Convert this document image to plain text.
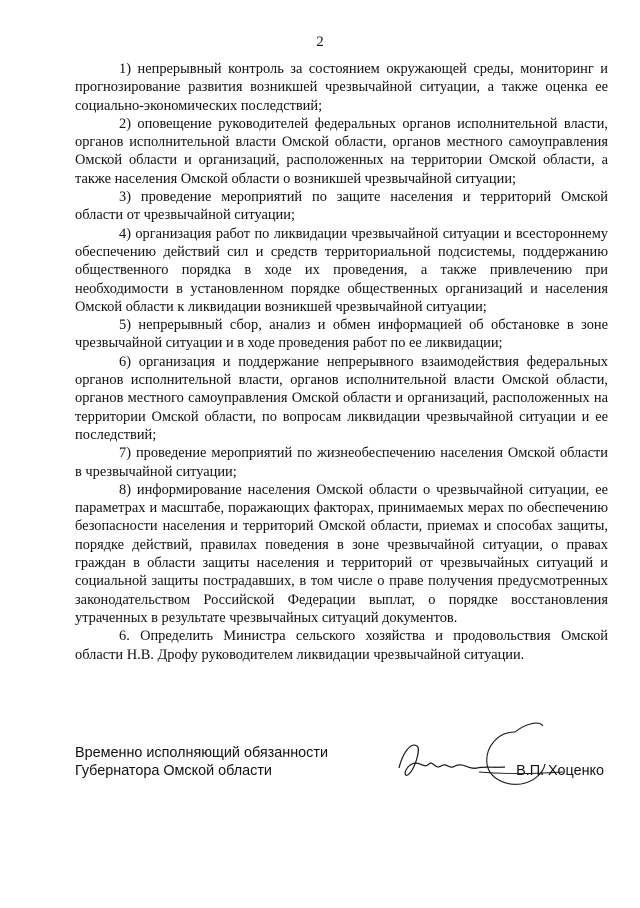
2

1) непрерывный контроль за состоянием окружающей среды, мониторинг и прогнозирование развития возникшей чрезвычайной ситуации, а также оценка ее социально-экономических последствий;

2) оповещение руководителей федеральных органов исполнительной власти, органов исполнительной власти Омской области, органов местного самоуправления Омской области и организаций, расположенных на территории Омской области, а также населения Омской области о возникшей чрезвычайной ситуации;

3) проведение мероприятий по защите населения и территорий Омской области от чрезвычайной ситуации;

4) организация работ по ликвидации чрезвычайной ситуации и всестороннему обеспечению действий сил и средств территориальной подсистемы, поддержанию общественного порядка в ходе их проведения, а также привлечению при необходимости в установленном порядке общественных организаций и населения Омской области к ликвидации возникшей чрезвычайной ситуации;

5) непрерывный сбор, анализ и обмен информацией об обстановке в зоне чрезвычайной ситуации и в ходе проведения работ по ее ликвидации;

6) организация и поддержание непрерывного взаимодействия федеральных органов исполнительной власти, органов исполнительной власти Омской области, органов местного самоуправления Омской области и организаций, расположенных на территории Омской области, по вопросам ликвидации чрезвычайной ситуации и ее последствий;

7) проведение мероприятий по жизнеобеспечению населения Омской области в чрезвычайной ситуации;

8) информирование населения Омской области о чрезвычайной ситуации, ее параметрах и масштабе, поражающих факторах, принимаемых мерах по обеспечению безопасности населения и территорий Омской области, приемах и способах защиты, порядке действий, правилах поведения в зоне чрезвычайной ситуации, о правах граждан в области защиты населения и территорий от чрезвычайных ситуаций и социальной защиты пострадавших, в том числе о праве получения предусмотренных законодательством Российской Федерации выплат, о порядке восстановления утраченных в результате чрезвычайных ситуаций документов.

6. Определить Министра сельского хозяйства и продовольствия Омской области Н.В. Дрофу руководителем ликвидации чрезвычайной ситуации.

Временно исполняющий обязанности
Губернатора Омской области	В.П. Хоценко
